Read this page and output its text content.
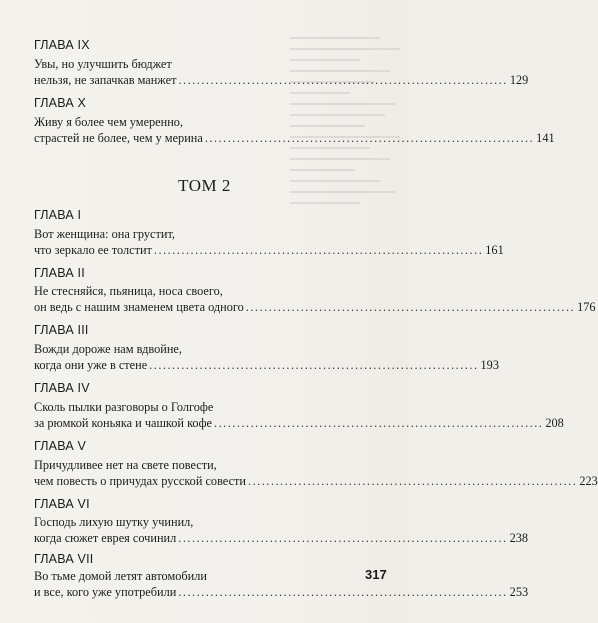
ГЛАВА IX
Увы, но улучшить бюджет
нельзя, не запачкав манжет ........................................................................ 129
ГЛАВА X
Живу я более чем умеренно,
страстей не более, чем у мерина ........................................................................ 141
ГЛАВА I
Вот женщина: она грустит,
что зеркало ее толстит ........................................................................ 161
ГЛАВА II
Не стесняйся, пьяница, носа своего,
он ведь с нашим знаменем цвета одного ........................................................................ 176
ГЛАВА III
Вожди дороже нам вдвойне,
когда они уже в стене ........................................................................ 193
ГЛАВА IV
Сколь пылки разговоры о Голгофе
за рюмкой коньяка и чашкой кофе ........................................................................ 208
ГЛАВА V
Причудливее нет на свете повести,
чем повесть о причудах русской совести ........................................................................ 223
ГЛАВА VI
Господь лихую шутку учинил,
когда сюжет еврея сочинил ........................................................................ 238
ГЛАВА VII
Во тьме домой летят автомобили
и все, кого уже употребили ........................................................................ 253
ТОМ 2
317
